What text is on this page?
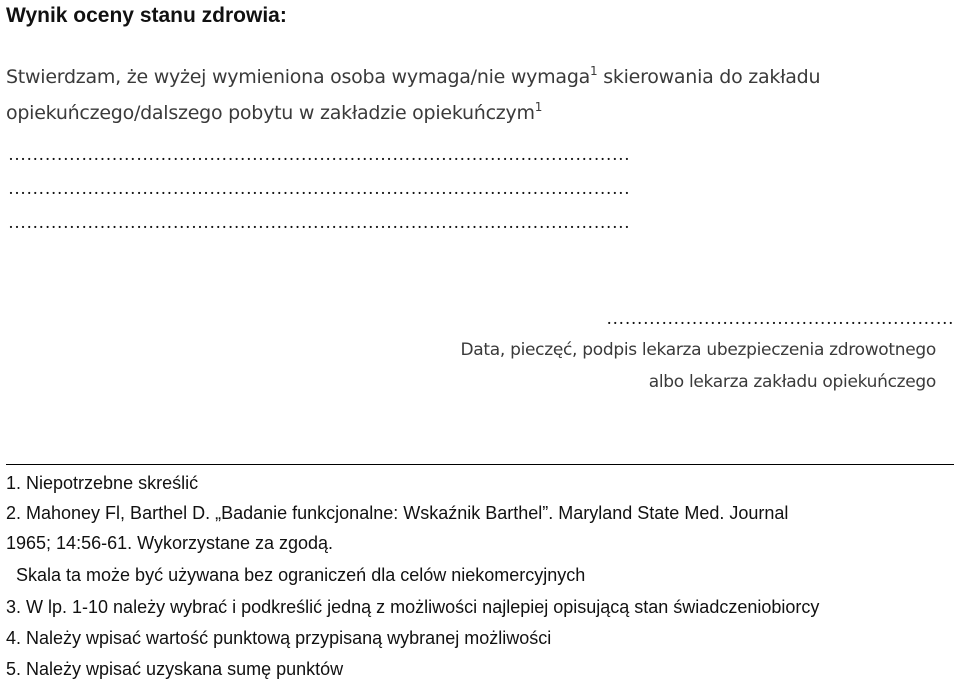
Wynik oceny stanu zdrowia:
Stwierdzam, że wyżej wymieniona osoba wymaga/nie wymaga$^1$ skierowania do zakładu
opiekuńczego/dalszego pobytu w zakładzie opiekuńczym$^1$
…………………………………………………………………………………………
…………………………………………………………………………………………
…………………………………………………………………………………………
…………………………………………………
Data, pieczęć, podpis lekarza ubezpieczenia zdrowotnego
albo lekarza zakładu opiekuńczego
1. Niepotrzebne skreślić
2. Mahoney Fl, Barthel D. „Badanie funkcjonalne: Wskaźnik Barthel”. Maryland State Med. Journal
1965; 14:56-61. Wykorzystane za zgodą.
Skala ta może być używana bez ograniczeń dla celów niekomercyjnych
3. W lp. 1-10 należy wybrać i podkreślić jedną z możliwości najlepiej opisującą stan świadczeniobiorcy
4. Należy wpisać wartość punktową przypisaną wybranej możliwości
5. Należy wpisać uzyskana sumę punktów
